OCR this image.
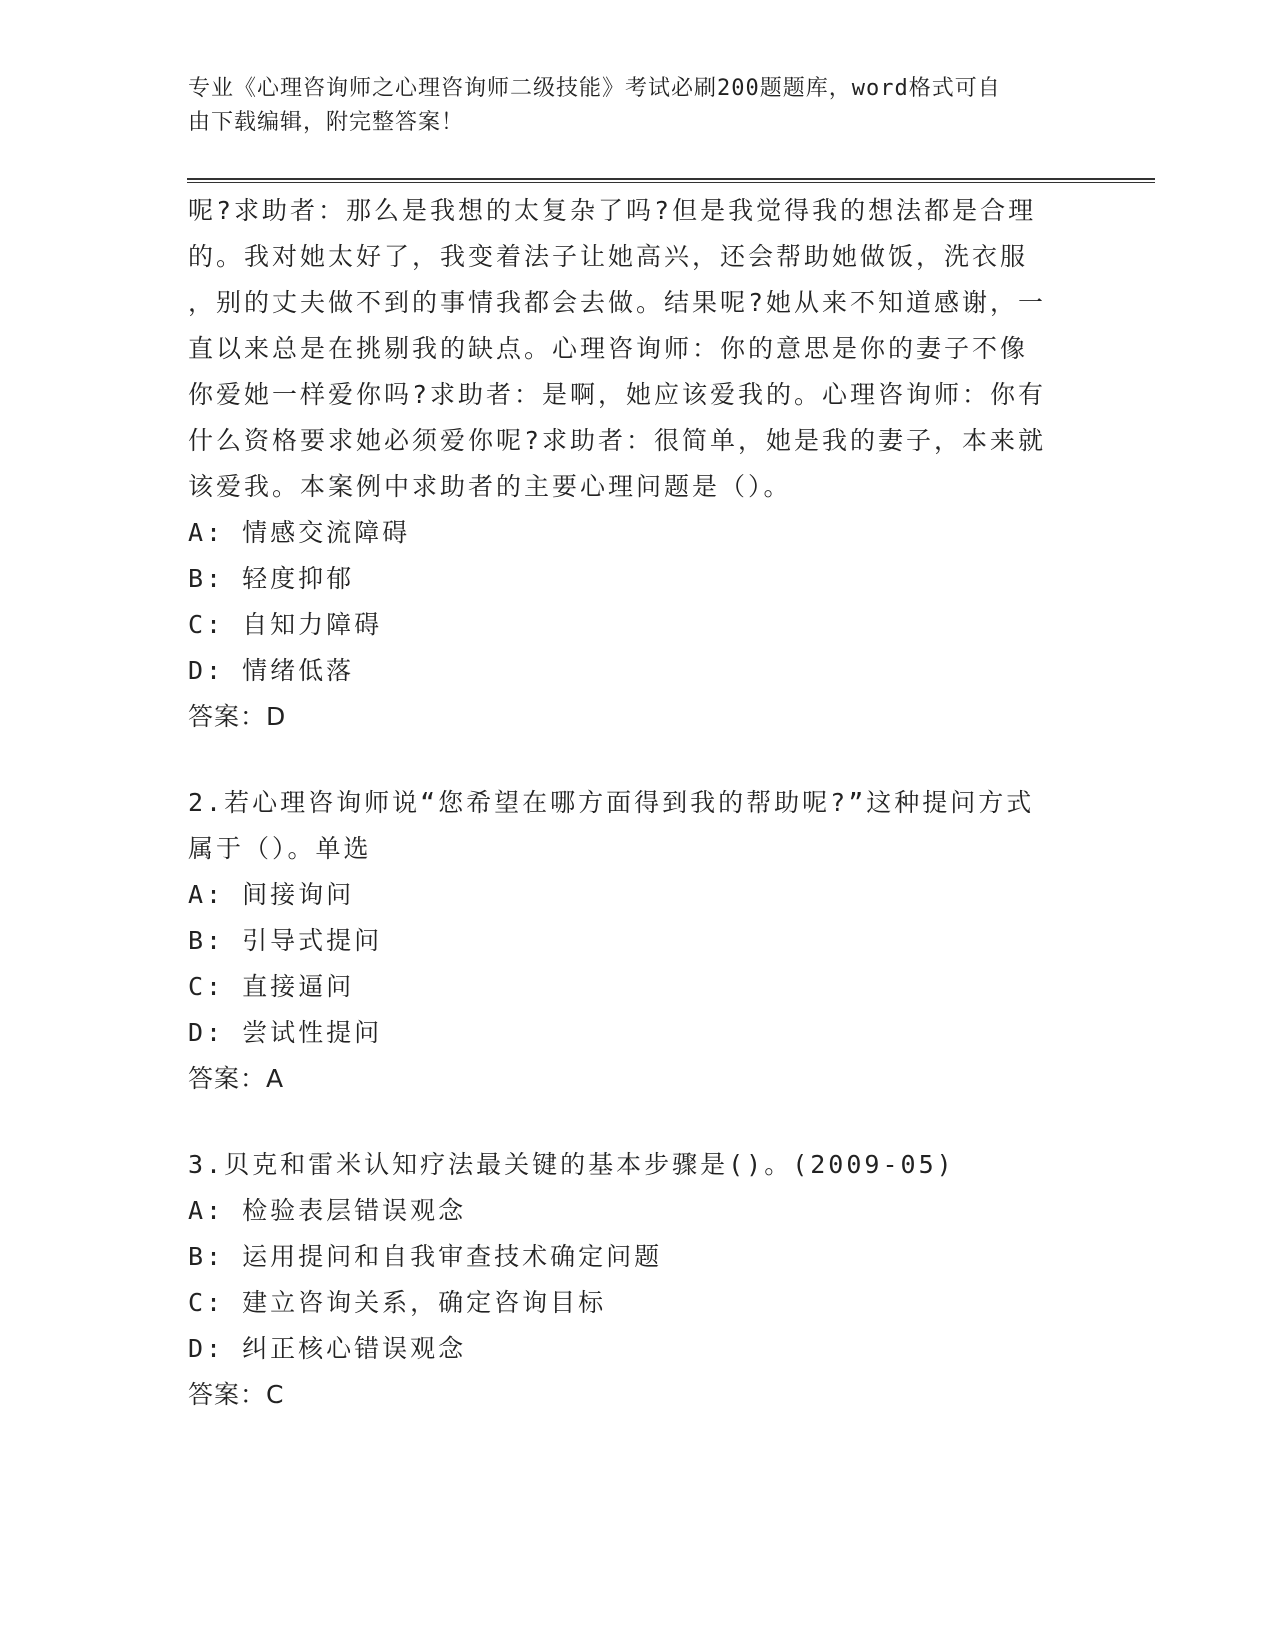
专业《心理咨询师之心理咨询师二级技能》考试必刷200题题库，word格式可自
由下载编辑，附完整答案！

呢?求助者：那么是我想的太复杂了吗?但是我觉得我的想法都是合理

的。我对她太好了，我变着法子让她高兴，还会帮助她做饭，洗衣服

，别的丈夫做不到的事情我都会去做。结果呢?她从来不知道感谢，一

直以来总是在挑剔我的缺点。心理咨询师：你的意思是你的妻子不像

你爱她一样爱你吗?求助者：是啊，她应该爱我的。心理咨询师：你有

什么资格要求她必须爱你呢?求助者：很简单，她是我的妻子，本来就

该爱我。本案例中求助者的主要心理问题是（）。

A: 情感交流障碍

B: 轻度抑郁

C: 自知力障碍

D: 情绪低落

答案：D

2.若心理咨询师说“您希望在哪方面得到我的帮助呢?”这种提问方式

属于（）。单选

A: 间接询问

B: 引导式提问

C: 直接逼问

D: 尝试性提问

答案：A

3.贝克和雷米认知疗法最关键的基本步骤是()。(2009-05)

A: 检验表层错误观念

B: 运用提问和自我审查技术确定问题

C: 建立咨询关系，确定咨询目标

D: 纠正核心错误观念

答案：C
